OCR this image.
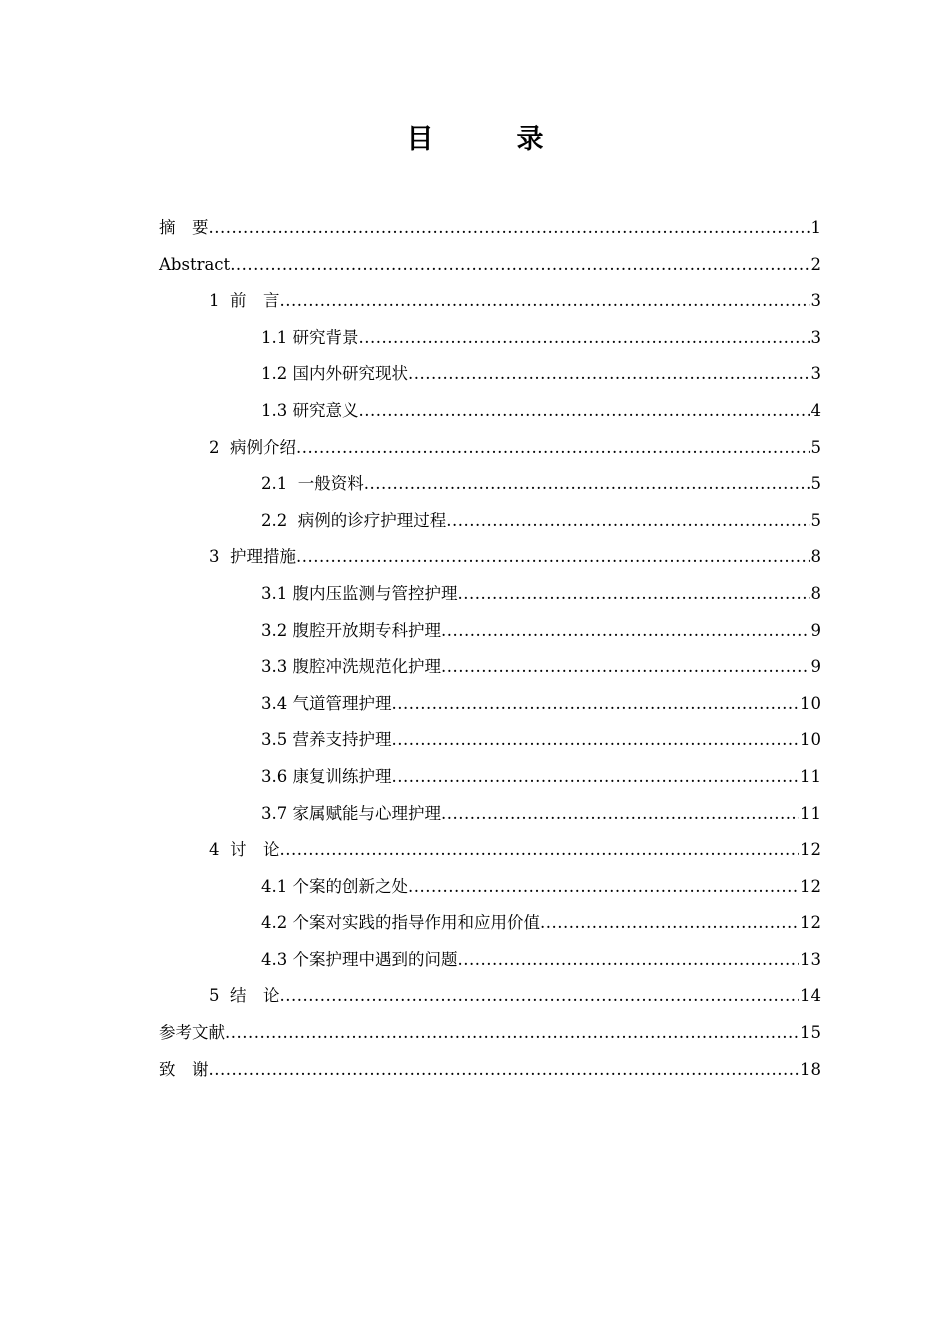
目　录
摘　要 .....	1
Abstract .....	2
1  前　言 .....	3
1.1 研究背景 .....	3
1.2 国内外研究现状 .....	3
1.3 研究意义 .....	4
2  病例介绍 .....	5
2.1  一般资料 .....	5
2.2  病例的诊疗护理过程 .....	5
3  护理措施 .....	8
3.1 腹内压监测与管控护理 .....	8
3.2 腹腔开放期专科护理 .....	9
3.3 腹腔冲洗规范化护理 .....	9
3.4 气道管理护理 .....	10
3.5 营养支持护理 .....	10
3.6 康复训练护理 .....	11
3.7 家属赋能与心理护理 .....	11
4  讨　论 .....	12
4.1 个案的创新之处 .....	12
4.2 个案对实践的指导作用和应用价值 .....	12
4.3 个案护理中遇到的问题 .....	13
5  结　论 .....	14
参考文献 .....	15
致　谢 .....	18
